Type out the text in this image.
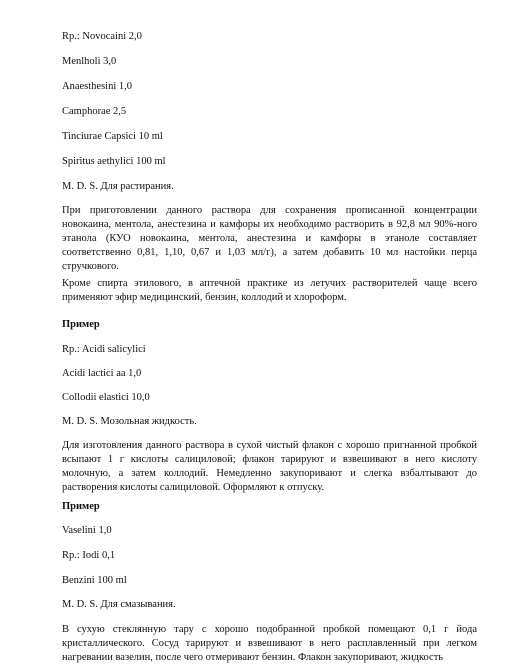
Rp.: Novocaini 2,0
Menlholi 3,0
Anaesthesini 1,0
Camphorae 2,5
Tinciurae Capsici 10 ml
Spiritus aethylici 100 ml
M. D. S. Для растирания.
При приготовлении данного раствора для сохранения прописанной концентрации новокаина, ментола, анестезина и камфоры их необходимо растворить в 92,8 мл 90%-ного этанола (КУО новокаина, ментола, анестезина и камфоры в этаноле составляет соответственно 0,81, 1,10, 0,67 и 1,03 мл/г), а затем добавить 10 мл настойки перца стручкового.
Кроме спирта этилового, в аптечной практике из летучих растворителей чаще всего применяют эфир медицинский, бензин, коллодий и хлороформ.
Пример
Rp.: Acidi salicylici
Acidi lactici aa 1,0
Collodii elastici 10,0
M. D. S. Мозольная жидкость.
Для изготовления данного раствора в сухой чистый флакон с хорошо пригнанной пробкой всыпают 1 г кислоты салициловой; флакон тарируют и взвешивают в него кислоту молочную, а затем коллодий. Немедленно закупоривают и слегка взбалтывают до растворения кислоты салициловой. Оформляют к отпуску.
Пример
Vaselini 1,0
Rp.: Iodi 0,1
Benzini 100 ml
M. D. S. Для смазывания.
В сухую стеклянную тару с хорошо подобранной пробкой помещают 0,1 г йода кристаллического. Сосуд тарируют и взвешивают в него расплавленный при легком нагревании вазелин, после чего отмеривают бензин. Флакон закупоривают, жидкость
